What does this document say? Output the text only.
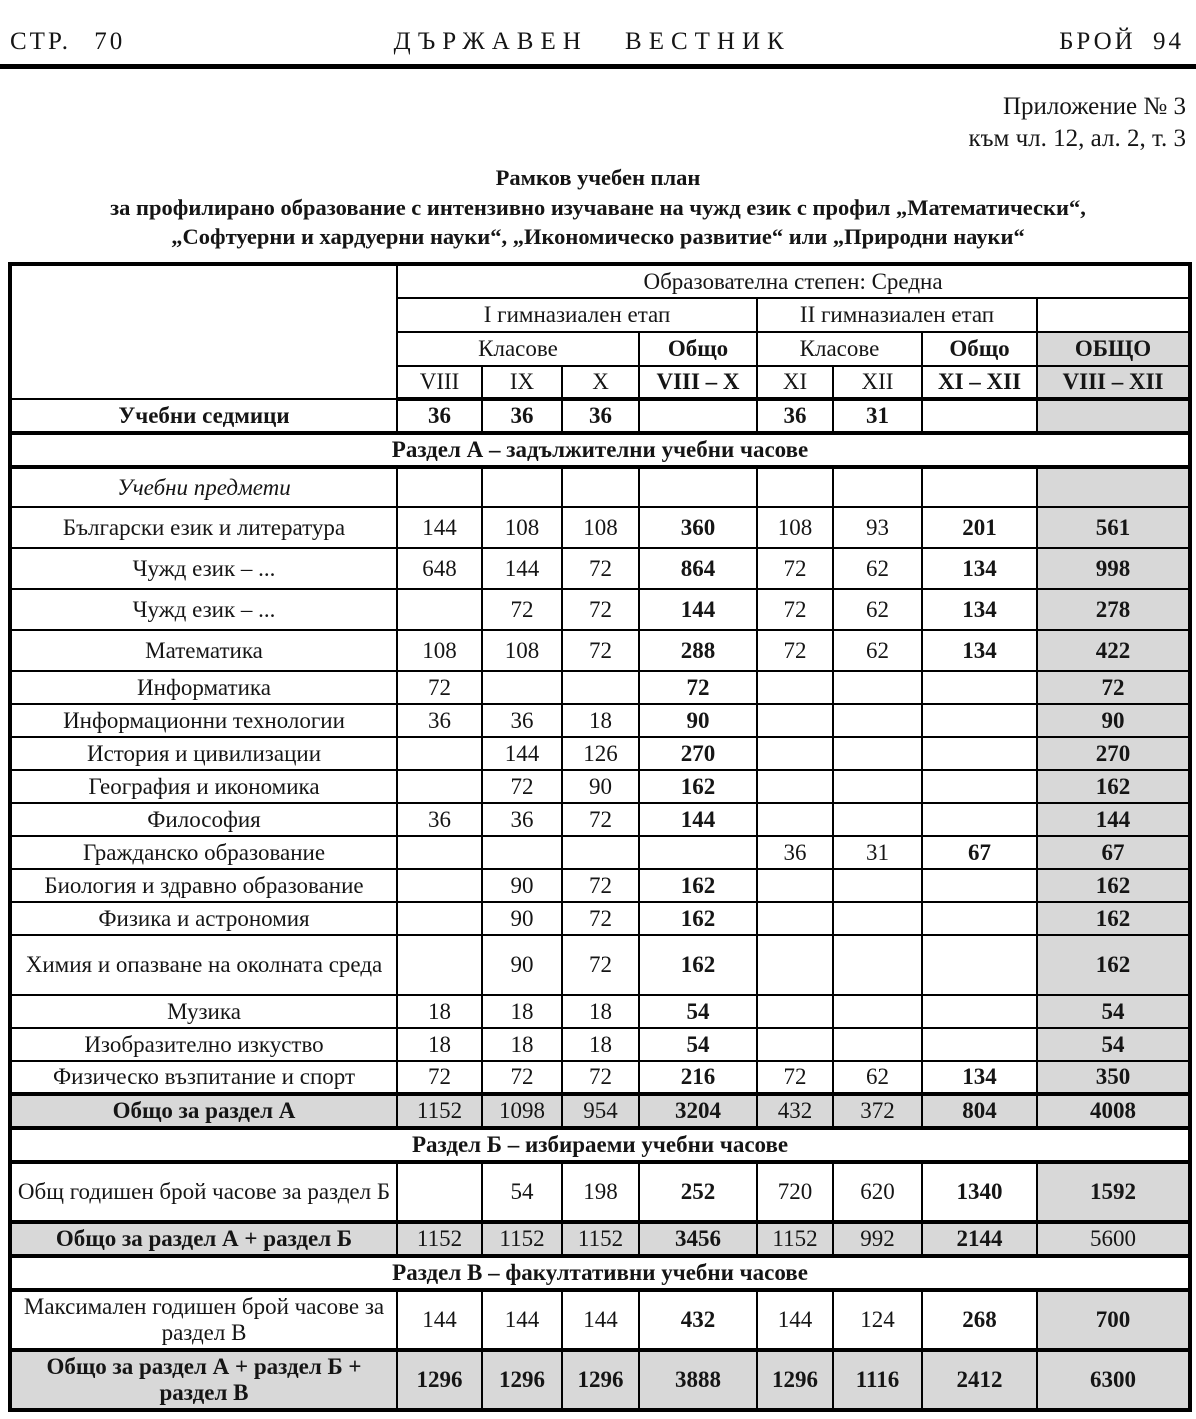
СТР. 70	ДЪРЖАВЕН ВЕСТНИК	БРОЙ 94
Приложение № 3
към чл. 12, ал. 2, т. 3
Рамков учебен план
за профилирано образование с интензивно изучаване на чужд език с профил „Математически“,
„Софтуерни и хардуерни науки“, „Икономическо развитие“ или „Природни науки“
	Образователна степен: Средна							
	I гимназиален етап				II гимназиален етап			
	Класове			Общо	Класове		Общо	ОБЩО
	VIII	IX	X	VIII – X	XI	XII	XI – XII	VIII – XII
Учебни седмици	36	36	36		36	31		
Раздел А – задължителни учебни часове								
Учебни предмети								
Български език и литература	144	108	108	360	108	93	201	561
Чужд език – ...	648	144	72	864	72	62	134	998
Чужд език – ...		72	72	144	72	62	134	278
Математика	108	108	72	288	72	62	134	422
Информатика	72			72				72
Информационни технологии	36	36	18	90				90
История и цивилизации		144	126	270				270
География и икономика		72	90	162				162
Философия	36	36	72	144				144
Гражданско образование					36	31	67	67
Биология и здравно образование		90	72	162				162
Физика и астрономия		90	72	162				162
Химия и опазване на околната среда		90	72	162				162
Музика	18	18	18	54				54
Изобразително изкуство	18	18	18	54				54
Физическо възпитание и спорт	72	72	72	216	72	62	134	350
Общо за раздел А	1152	1098	954	3204	432	372	804	4008
Раздел Б – избираеми учебни часове								
Общ годишен брой часове за раздел Б		54	198	252	720	620	1340	1592
Общо за раздел А + раздел Б	1152	1152	1152	3456	1152	992	2144	5600
Раздел В – факултативни учебни часове								
Максимален годишен брой часове за раздел В	144	144	144	432	144	124	268	700
Общо за раздел А + раздел Б + раздел В	1296	1296	1296	3888	1296	1116	2412	6300
